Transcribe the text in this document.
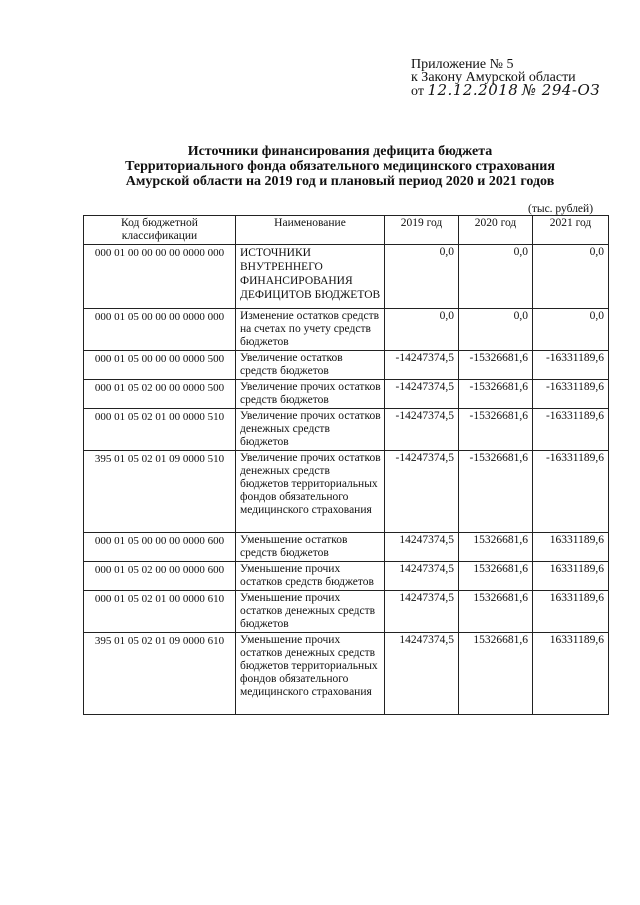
Приложение № 5
к Закону Амурской области
от 12.12.2018 № 294-ОЗ
Источники финансирования дефицита бюджета
Территориального фонда обязательного медицинского страхования
Амурской области на 2019 год и плановый период 2020 и 2021 годов
(тыс. рублей)
Код бюджетной классификации	Наименование	2019 год	2020 год	2021 год
000 01 00 00 00 00 0000 000	ИСТОЧНИКИ ВНУТРЕННЕГО ФИНАНСИРОВАНИЯ ДЕФИЦИТОВ БЮДЖЕТОВ	0,0	0,0	0,0
000 01 05 00 00 00 0000 000	Изменение остатков средств на счетах по учету средств бюджетов	0,0	0,0	0,0
000 01 05 00 00 00 0000 500	Увеличение остатков средств бюджетов	-14247374,5	-15326681,6	-16331189,6
000 01 05 02 00 00 0000 500	Увеличение прочих остатков средств бюджетов	-14247374,5	-15326681,6	-16331189,6
000 01 05 02 01 00 0000 510	Увеличение прочих остатков денежных средств бюджетов	-14247374,5	-15326681,6	-16331189,6
395 01 05 02 01 09 0000 510	Увеличение прочих остатков денежных средств бюджетов территориальных фондов обязательного медицинского страхования	-14247374,5	-15326681,6	-16331189,6
000 01 05 00 00 00 0000 600	Уменьшение остатков средств бюджетов	14247374,5	15326681,6	16331189,6
000 01 05 02 00 00 0000 600	Уменьшение прочих остатков средств бюджетов	14247374,5	15326681,6	16331189,6
000 01 05 02 01 00 0000 610	Уменьшение прочих остатков денежных средств бюджетов	14247374,5	15326681,6	16331189,6
395 01 05 02 01 09 0000 610	Уменьшение прочих остатков денежных средств бюджетов территориальных фондов обязательного медицинского страхования	14247374,5	15326681,6	16331189,6
